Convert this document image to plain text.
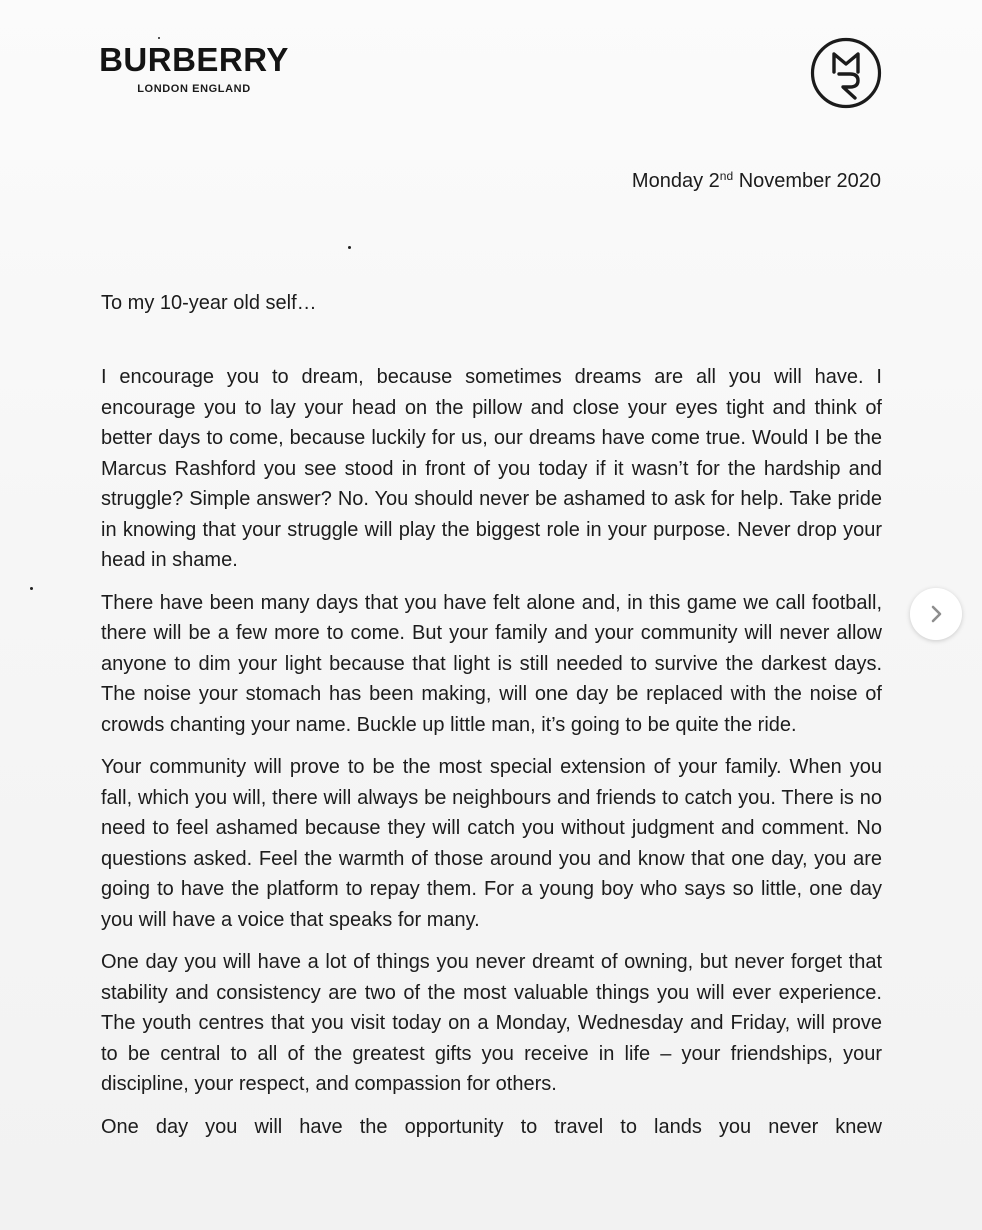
BURBERRY
LONDON ENGLAND
Monday 2nd November 2020
To my 10-year old self…

I encourage you to dream, because sometimes dreams are all you will have. I encourage you to lay your head on the pillow and close your eyes tight and think of better days to come, because luckily for us, our dreams have come true. Would I be the Marcus Rashford you see stood in front of you today if it wasn’t for the hardship and struggle? Simple answer? No. You should never be ashamed to ask for help. Take pride in knowing that your struggle will play the biggest role in your purpose. Never drop your head in shame.

There have been many days that you have felt alone and, in this game we call football, there will be a few more to come. But your family and your community will never allow anyone to dim your light because that light is still needed to survive the darkest days. The noise your stomach has been making, will one day be replaced with the noise of crowds chanting your name. Buckle up little man, it’s going to be quite the ride.

Your community will prove to be the most special extension of your family. When you fall, which you will, there will always be neighbours and friends to catch you. There is no need to feel ashamed because they will catch you without judgment and comment. No questions asked. Feel the warmth of those around you and know that one day, you are going to have the platform to repay them. For a young boy who says so little, one day you will have a voice that speaks for many.

One day you will have a lot of things you never dreamt of owning, but never forget that stability and consistency are two of the most valuable things you will ever experience. The youth centres that you visit today on a Monday, Wednesday and Friday, will prove to be central to all of the greatest gifts you receive in life – your friendships, your discipline, your respect, and compassion for others.

One day you will have the opportunity to travel to lands you never knew
